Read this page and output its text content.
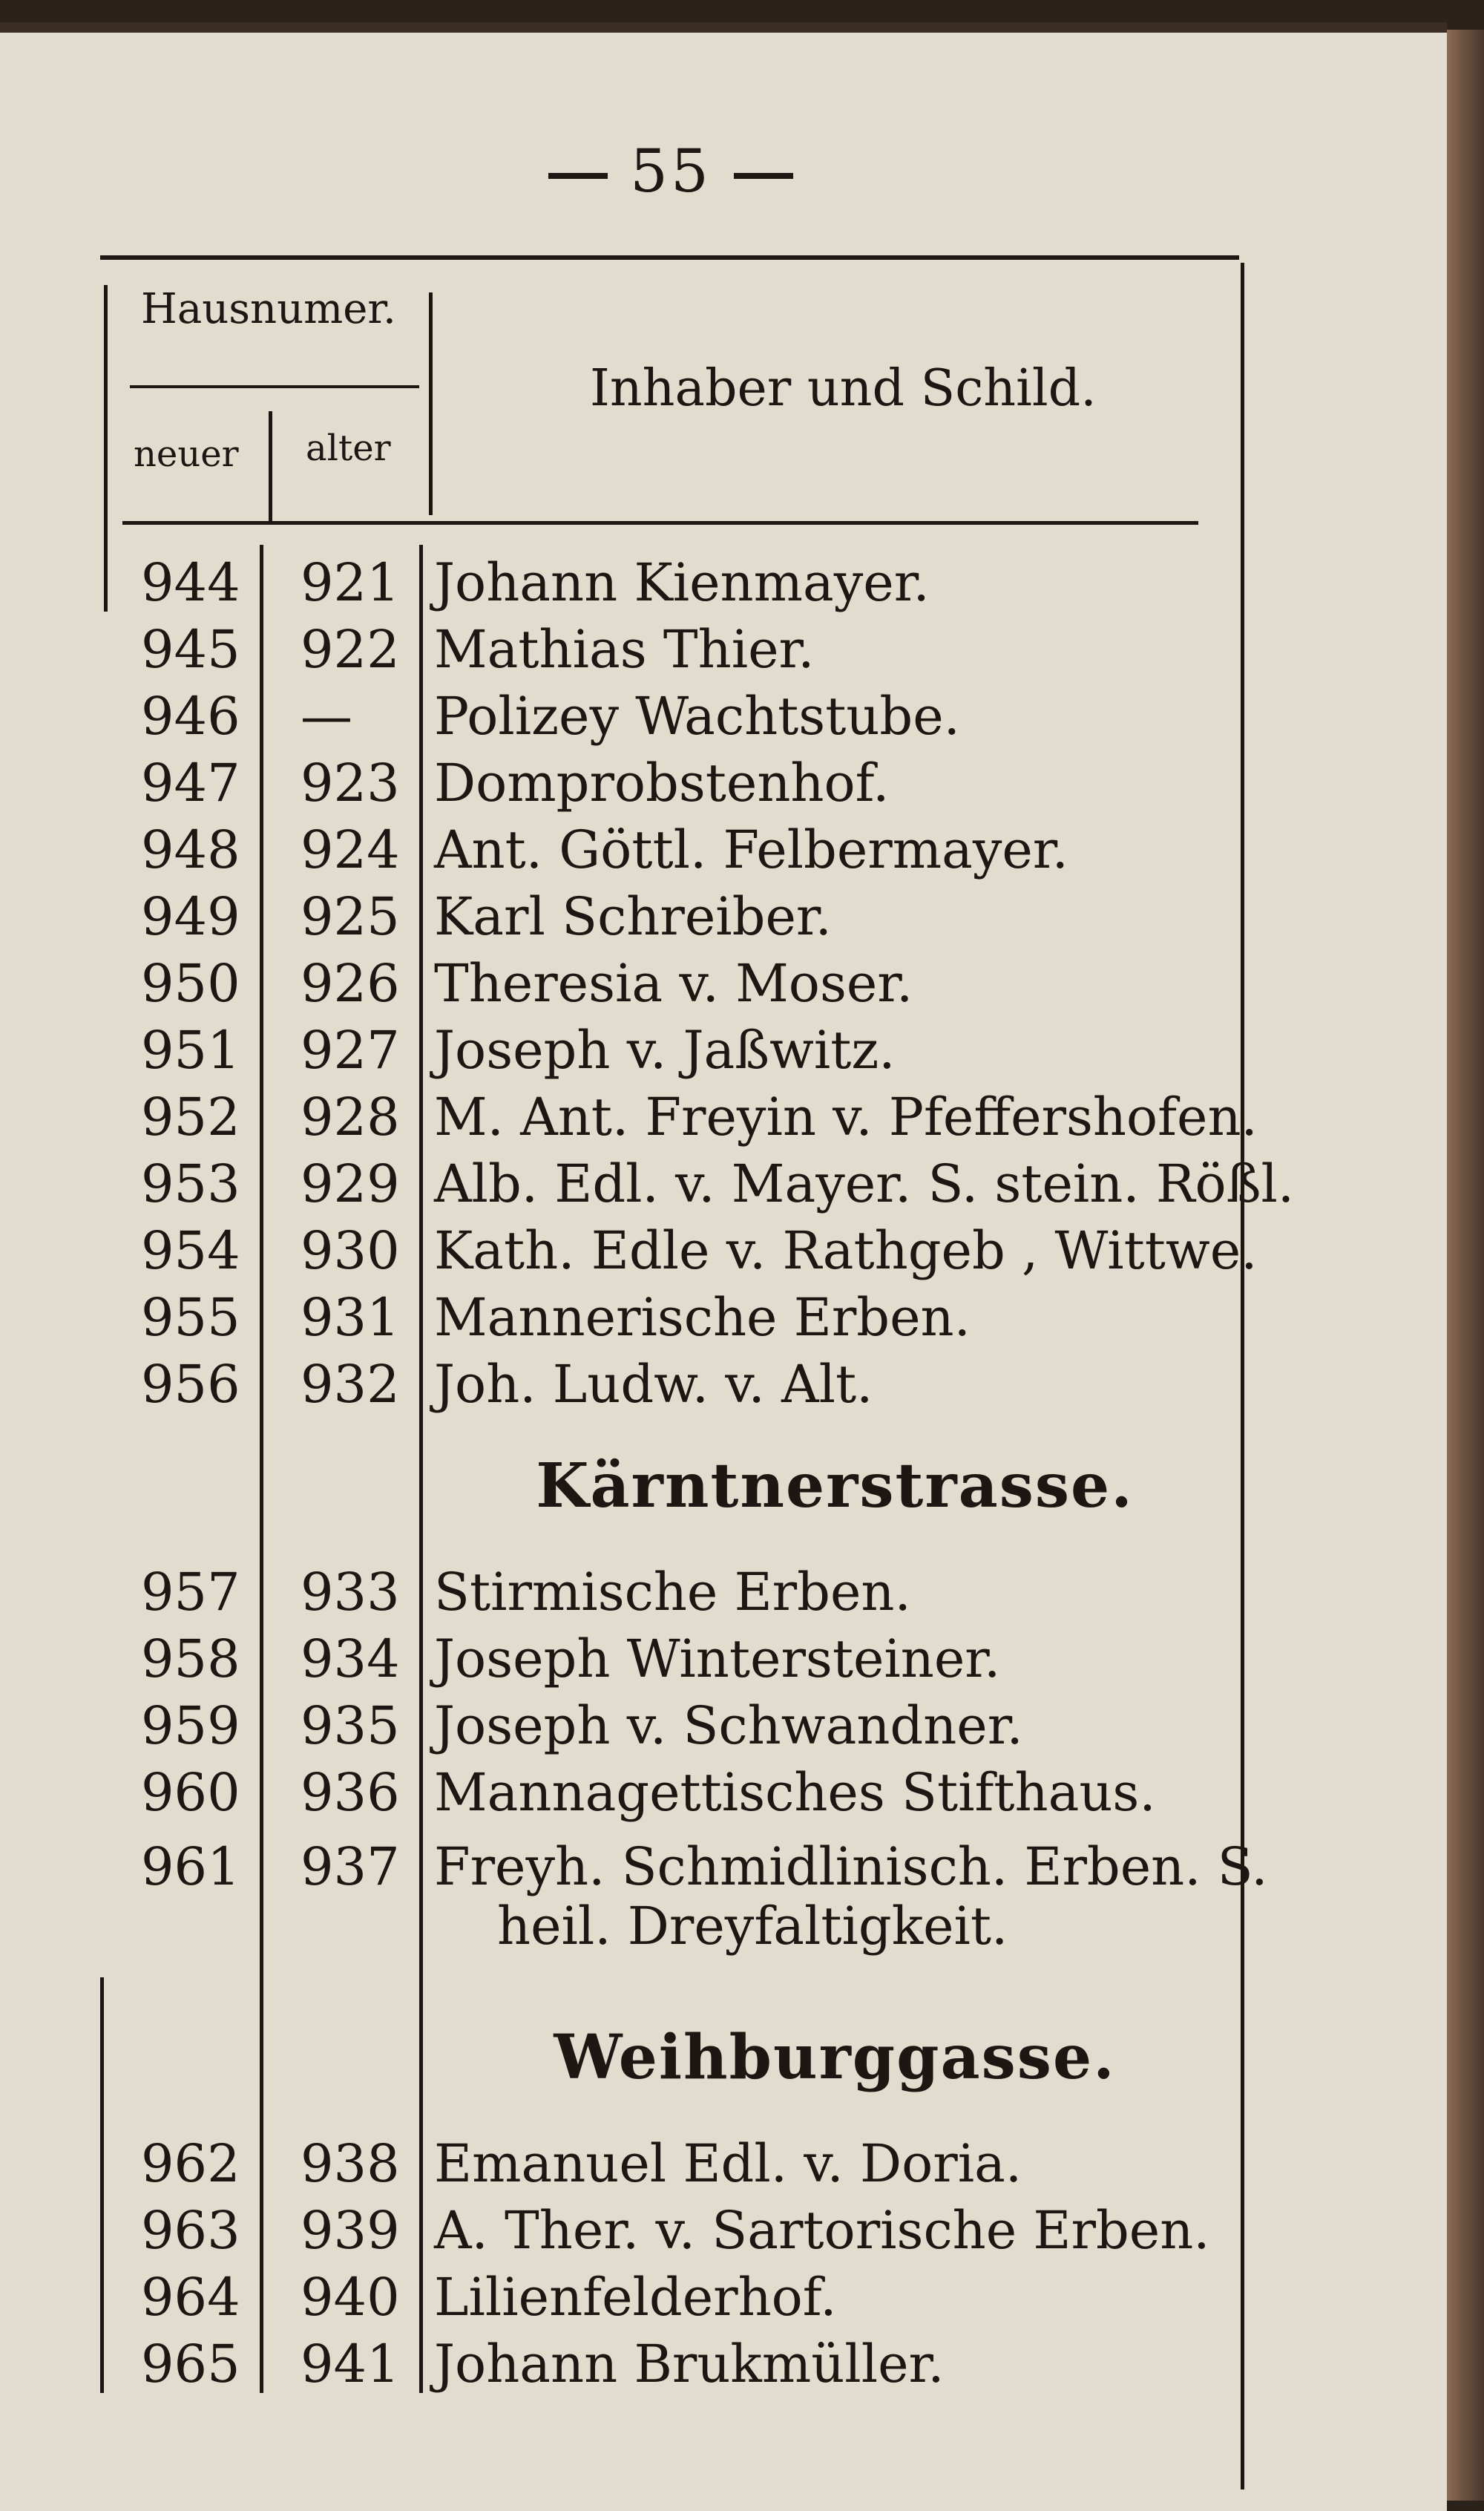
55
Hausnumer.
neuer alter
Inhaber und Schild.
944 921 Johann Kienmayer.
945 922 Mathias Thier.
946 —	Polizey Wachtstube.
947 923 Domprobstenhof.
948 924 Ant. Göttl. Felbermayer.
949 925 Karl Schreiber.
950 926 Theresia v. Moser.
951 927 Joseph v. Jaßwitz.
952 928 M. Ant. Freyin v. Pfeffershofen.
953 929 Alb. Edl. v. Mayer. S. stein. Rößl.
954 930 Kath. Edle v. Rathgeb , Wittwe.
955 931 Mannerische Erben.
956 932 Joh. Ludw. v. Alt.
Kärntnerstrasse.
957 933 Stirmische Erben.
958 934 Joseph Wintersteiner.
959 935 Joseph v. Schwandner.
960 936 Mannagettisches Stifthaus.
961 937 Freyh. Schmidlinisch. Erben. S.
heil. Dreyfaltigkeit.
Weihburggasse.
962 938 Emanuel Edl. v. Doria.
963 939 A. Ther. v. Sartorische Erben.
964 940 Lilienfelderhof.
965 941 Johann Brukmüller.
